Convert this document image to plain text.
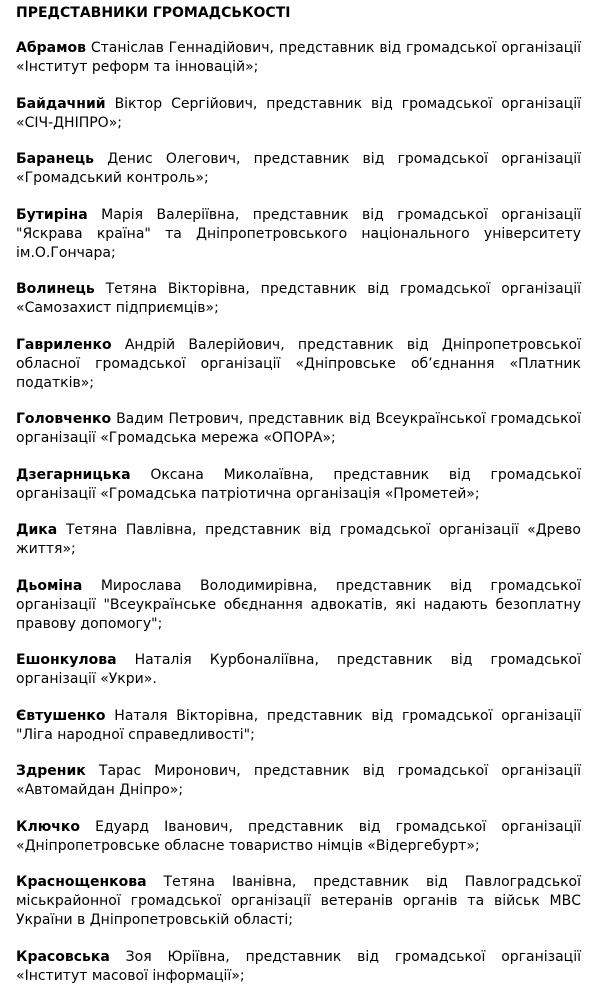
ПРЕДСТАВНИКИ ГРОМАДСЬКОСТІ
Абрамов Станіслав Геннадійович, представник від громадської організації «Інститут реформ та інновацій»;
Байдачний Віктор Сергійович, представник від громадської організації «СІЧ-ДНІПРО»;
Баранець Денис Олегович, представник від громадської організації «Громадський контроль»;
Бутиріна Марія Валеріївна, представник від громадської організації "Яскрава країна" та Дніпропетровського національного університету ім.О.Гончара;
Волинець Тетяна Вікторівна, представник від громадської організації «Самозахист підприємців»;
Гавриленко Андрій Валерійович, представник від Дніпропетровської обласної громадської організації «Дніпровське об’єднання «Платник податків»;
Головченко Вадим Петрович, представник від Всеукраїнської громадської організації «Громадська мережа «ОПОРА»;
Дзегарницька Оксана Миколаївна, представник від громадської організації «Громадська патріотична організація «Прометей»;
Дика Тетяна Павлівна, представник від громадської організації «Древо життя»;
Дьоміна Мирослава Володимирівна, представник від громадської організації "Всеукраїнське обєднання адвокатів, які надають безоплатну правову допомогу";
Ешонкулова Наталія Курбоналіївна, представник від громадської організації «Укри».
Євтушенко Наталя Вікторівна, представник від громадської організації "Ліга народної справедливості";
Здреник Тарас Миронович, представник від громадської організації «Автомайдан Дніпро»;
Ключко Едуард Іванович, представник від громадської організації «Дніпропетровське обласне товариство німців «Відергебурт»;
Краснощенкова Тетяна Іванівна, представник від Павлоградської міськрайонної громадської організації ветеранів органів та військ МВС України в Дніпропетровській області;
Красовська Зоя Юріївна, представник від громадської організації «Інститут масової інформації»;
